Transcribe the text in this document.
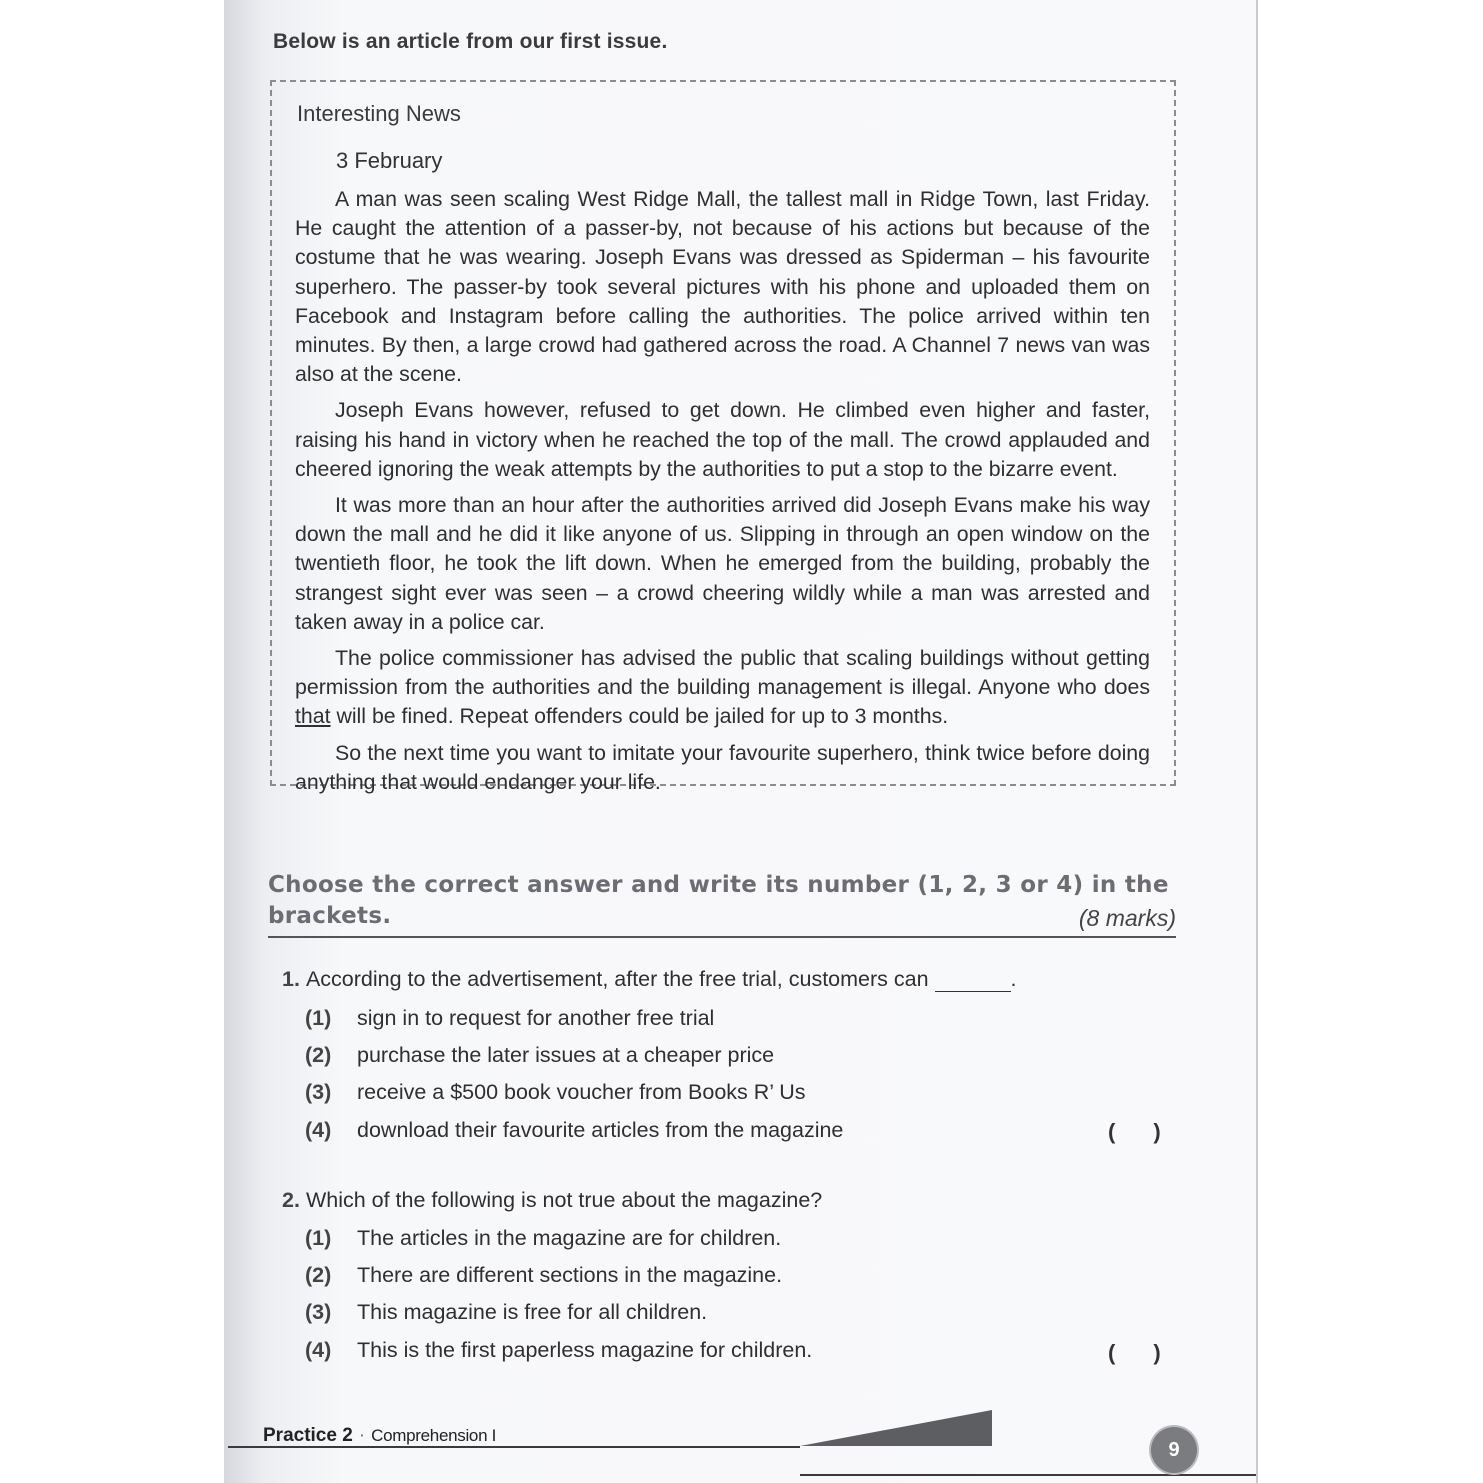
Below is an article from our first issue.
Interesting News
3 February

A man was seen scaling West Ridge Mall, the tallest mall in Ridge Town, last Friday. He caught the attention of a passer-by, not because of his actions but because of the costume that he was wearing. Joseph Evans was dressed as Spiderman – his favourite superhero. The passer-by took several pictures with his phone and uploaded them on Facebook and Instagram before calling the authorities. The police arrived within ten minutes. By then, a large crowd had gathered across the road. A Channel 7 news van was also at the scene.

Joseph Evans however, refused to get down. He climbed even higher and faster, raising his hand in victory when he reached the top of the mall. The crowd applauded and cheered ignoring the weak attempts by the authorities to put a stop to the bizarre event.

It was more than an hour after the authorities arrived did Joseph Evans make his way down the mall and he did it like anyone of us. Slipping in through an open window on the twentieth floor, he took the lift down. When he emerged from the building, probably the strangest sight ever was seen – a crowd cheering wildly while a man was arrested and taken away in a police car.

The police commissioner has advised the public that scaling buildings without getting permission from the authorities and the building management is illegal. Anyone who does that will be fined. Repeat offenders could be jailed for up to 3 months.

So the next time you want to imitate your favourite superhero, think twice before doing anything that would endanger your life.

Choose the correct answer and write its number (1, 2, 3 or 4) in the brackets.	(8 marks)
1. According to the advertisement, after the free trial, customers can	.
(1) sign in to request for another free trial
(2) purchase the later issues at a cheaper price
(3) receive a $500 book voucher from Books R’ Us
(4) download their favourite articles from the magazine	()
2. Which of the following is not true about the magazine?
(1) The articles in the magazine are for children.
(2) There are different sections in the magazine.
(3) This magazine is free for all children.
(4) This is the first paperless magazine for children.	()
Practice 2 · Comprehension I
9
